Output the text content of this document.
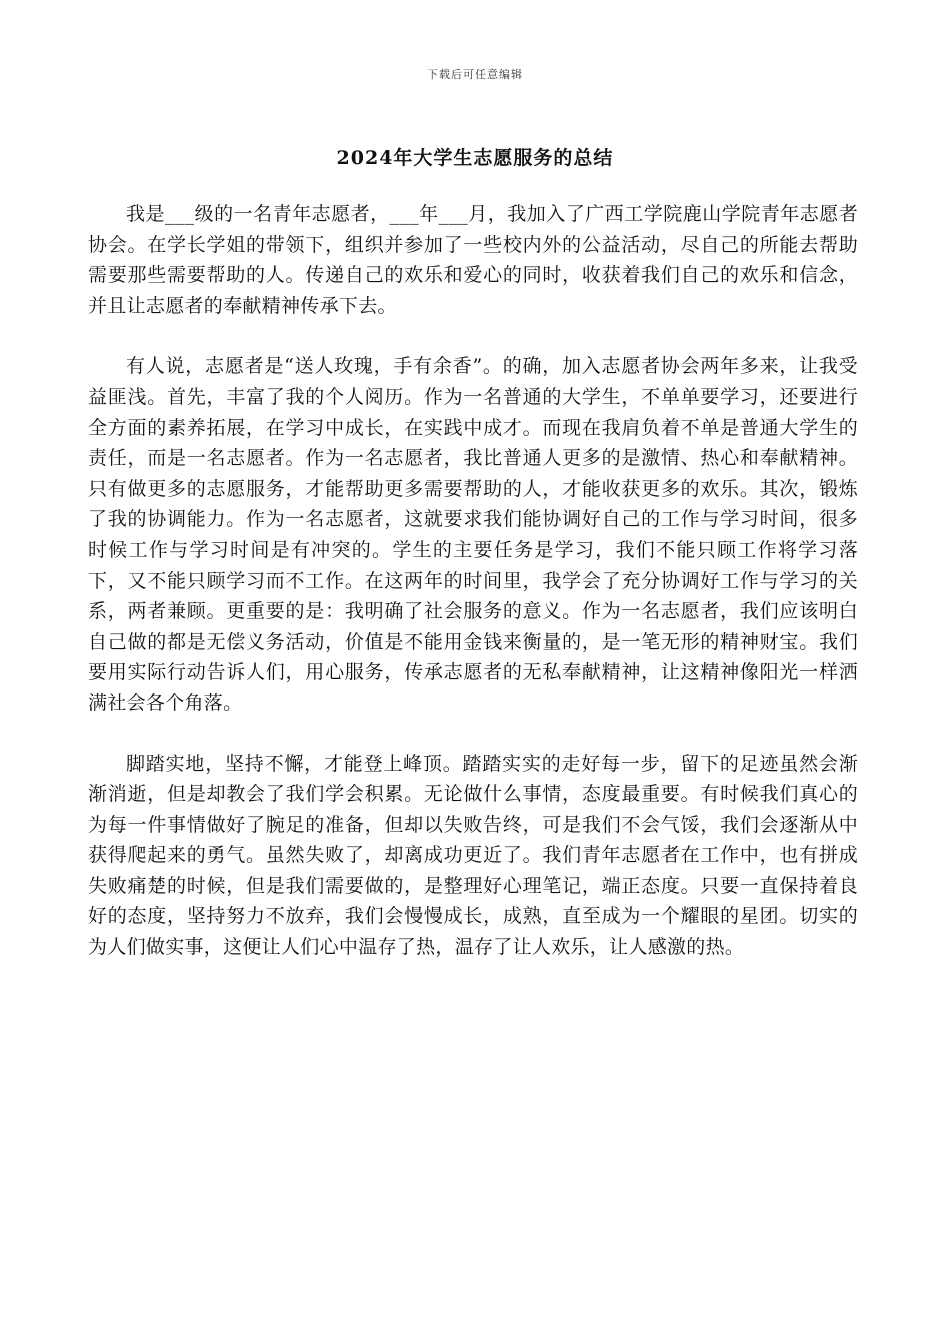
下载后可任意编辑
2024年大学生志愿服务的总结

我是___级的一名青年志愿者，___年___月，我加入了广西工学院鹿山学院青年志愿者协会。在学长学姐的带领下，组织并参加了一些校内外的公益活动，尽自己的所能去帮助需要那些需要帮助的人。传递自己的欢乐和爱心的同时，收获着我们自己的欢乐和信念，并且让志愿者的奉献精神传承下去。

有人说，志愿者是“送人玫瑰，手有余香”。的确，加入志愿者协会两年多来，让我受益匪浅。首先，丰富了我的个人阅历。作为一名普通的大学生，不单单要学习，还要进行全方面的素养拓展，在学习中成长，在实践中成才。而现在我肩负着不单是普通大学生的责任，而是一名志愿者。作为一名志愿者，我比普通人更多的是激情、热心和奉献精神。只有做更多的志愿服务，才能帮助更多需要帮助的人，才能收获更多的欢乐。其次，锻炼了我的协调能力。作为一名志愿者，这就要求我们能协调好自己的工作与学习时间，很多时候工作与学习时间是有冲突的。学生的主要任务是学习，我们不能只顾工作将学习落下，又不能只顾学习而不工作。在这两年的时间里，我学会了充分协调好工作与学习的关系，两者兼顾。更重要的是：我明确了社会服务的意义。作为一名志愿者，我们应该明白自己做的都是无偿义务活动，价值是不能用金钱来衡量的，是一笔无形的精神财宝。我们要用实际行动告诉人们，用心服务，传承志愿者的无私奉献精神，让这精神像阳光一样洒满社会各个角落。

脚踏实地，坚持不懈，才能登上峰顶。踏踏实实的走好每一步，留下的足迹虽然会渐渐消逝，但是却教会了我们学会积累。无论做什么事情，态度最重要。有时候我们真心的为每一件事情做好了腕足的准备，但却以失败告终，可是我们不会气馁，我们会逐渐从中获得爬起来的勇气。虽然失败了，却离成功更近了。我们青年志愿者在工作中，也有拼成失败痛楚的时候，但是我们需要做的，是整理好心理笔记，端正态度。只要一直保持着良好的态度，坚持努力不放弃，我们会慢慢成长，成熟，直至成为一个耀眼的星团。切实的为人们做实事，这便让人们心中温存了热，温存了让人欢乐，让人感激的热。
